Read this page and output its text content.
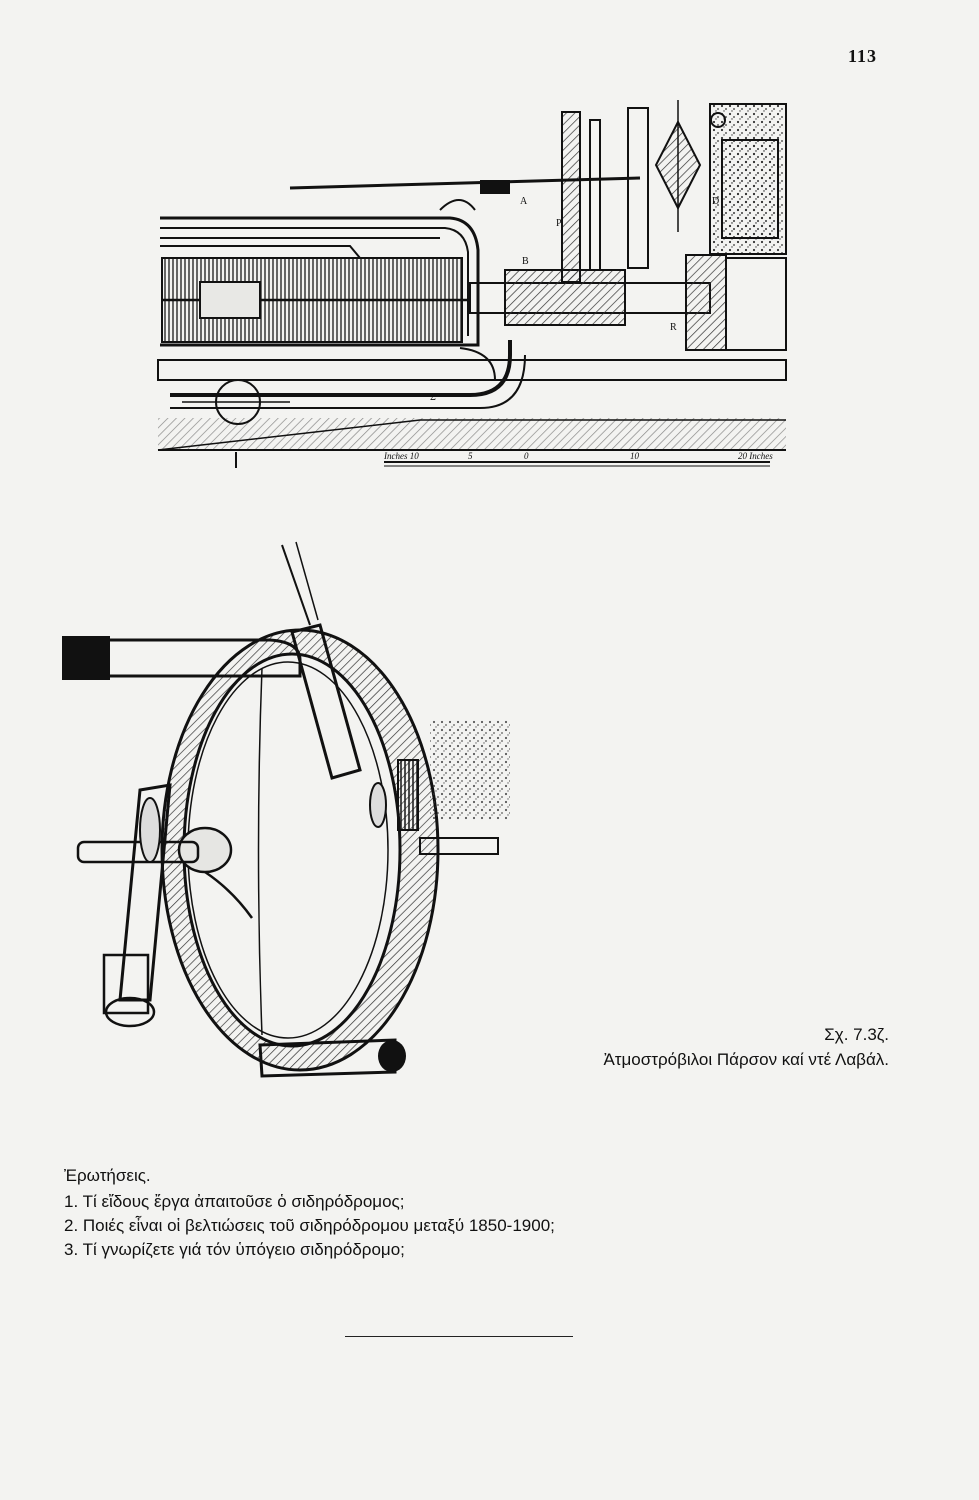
113
Inches 10	5	0	10	20 Inches
A
P
D
B
Σ
R
Σχ. 7.3ζ.
Ἀτμοστρόβιλοι Πάρσον καί ντέ Λαβάλ.
Ἐρωτήσεις.
1. Τί εἴδους ἔργα ἀπαιτοῦσε ὁ σιδηρόδρομος;
2. Ποιές εἶναι οἱ βελτιώσεις τοῦ σιδηρόδρομου μεταξύ 1850-1900;
3. Τί γνωρίζετε γιά τόν ὑπόγειο σιδηρόδρομο;
